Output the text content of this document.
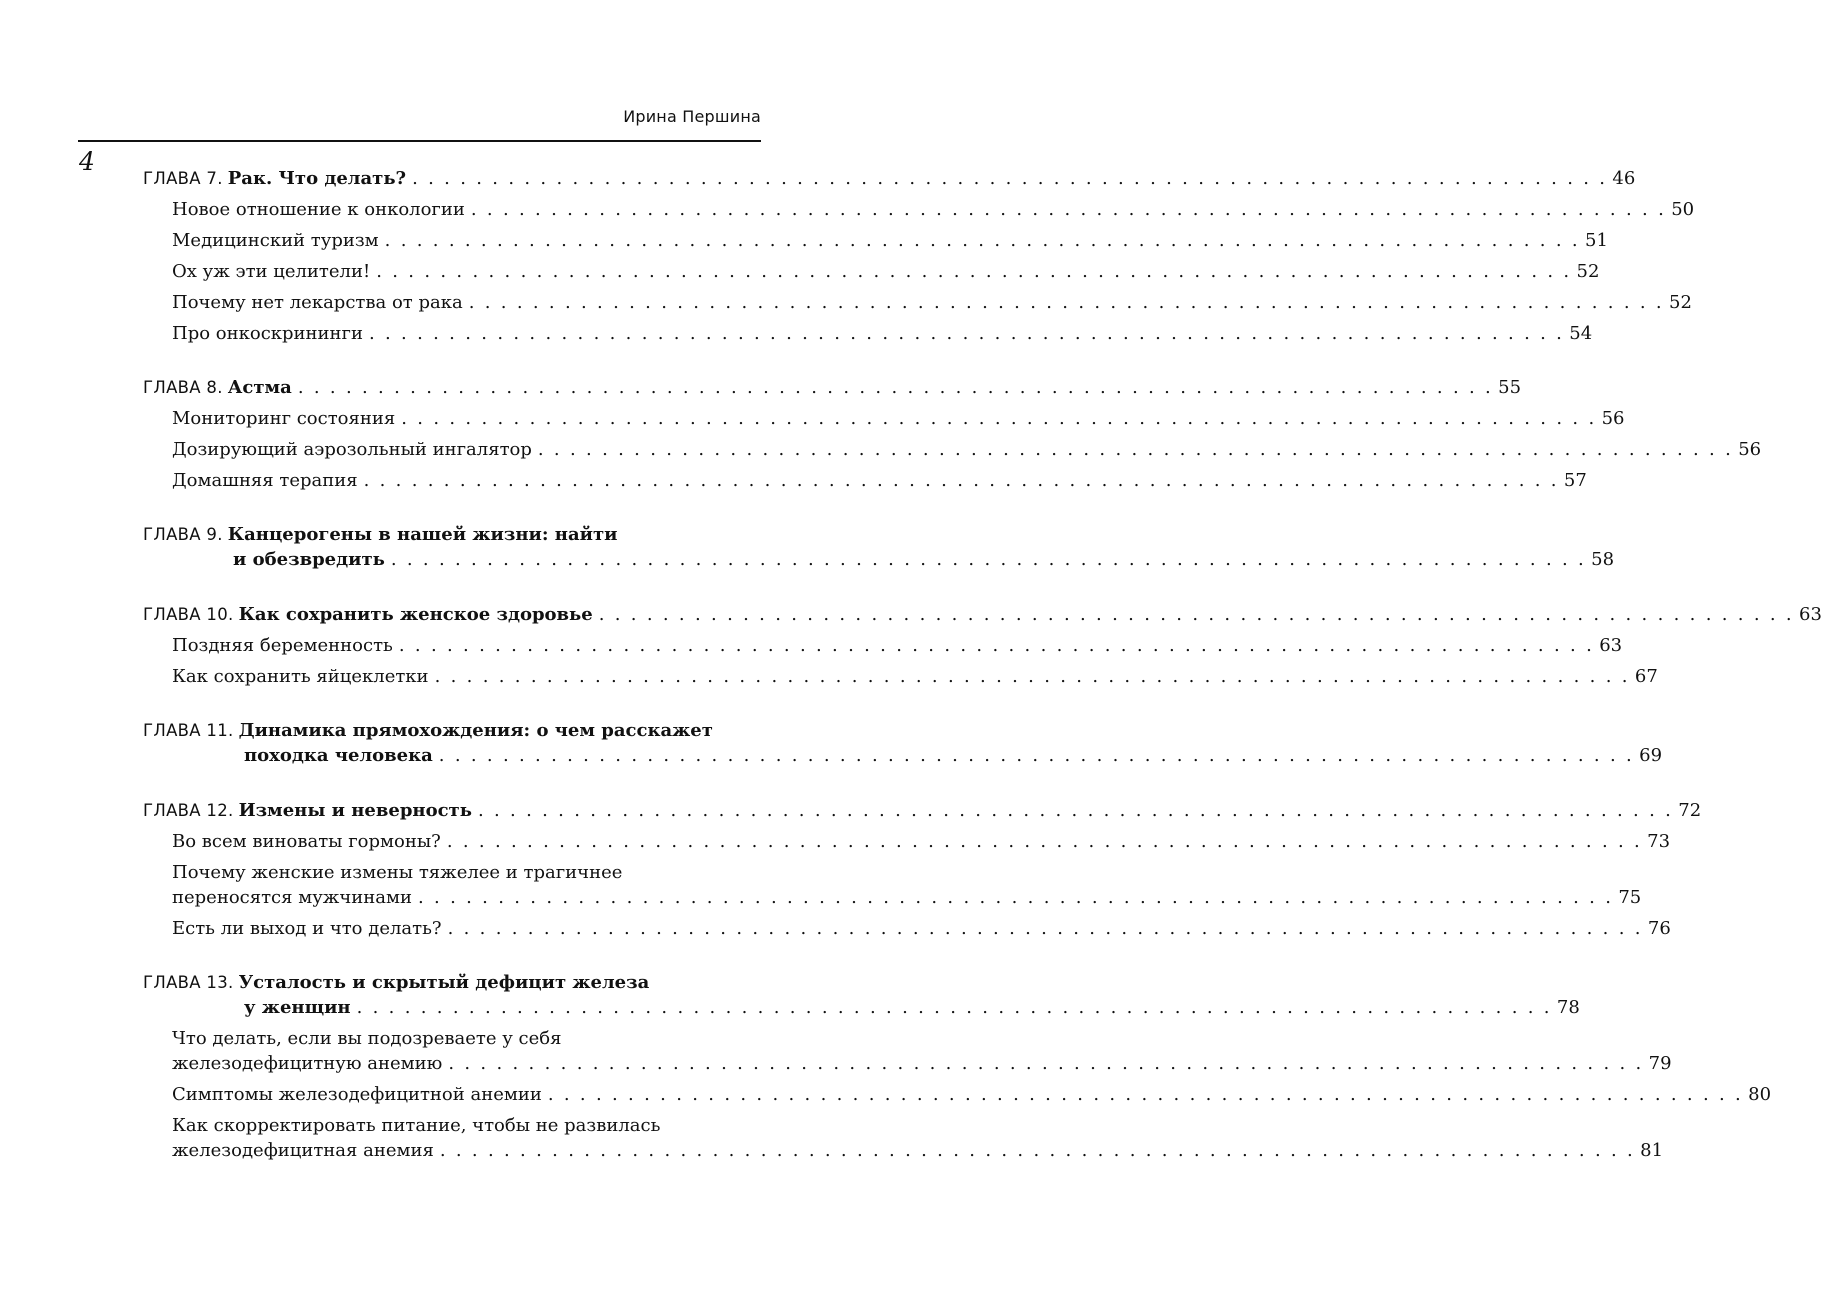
Ирина Першина
4
ГЛАВА 7. Рак. Что делать? . . .	46
Новое отношение к онкологии . . .	50
Медицинский туризм . . .	51
Ох уж эти целители! . . .	52
Почему нет лекарства от рака . . .	52
Про онкоскрининги . . .	54
ГЛАВА 8. Астма . . .	55
Мониторинг состояния . . .	56
Дозирующий аэрозольный ингалятор . . .	56
Домашняя терапия . . .	57
ГЛАВА 9. Канцерогены в нашей жизни: найти
и обезвредить . . .	58
ГЛАВА 10. Как сохранить женское здоровье . . .	63
Поздняя беременность . . .	63
Как сохранить яйцеклетки . . .	67
ГЛАВА 11. Динамика прямохождения: о чем расскажет
походка человека . . .	69
ГЛАВА 12. Измены и неверность . . .	72
Во всем виноваты гормоны? . . .	73
Почему женские измены тяжелее и трагичнее
переносятся мужчинами . . .	75
Есть ли выход и что делать? . . .	76
ГЛАВА 13. Усталость и скрытый дефицит железа
у женщин . . .	78
Что делать, если вы подозреваете у себя
железодефицитную анемию . . .	79
Симптомы железодефицитной анемии . . .	80
Как скорректировать питание, чтобы не развилась
железодефицитная анемия . . .	81
